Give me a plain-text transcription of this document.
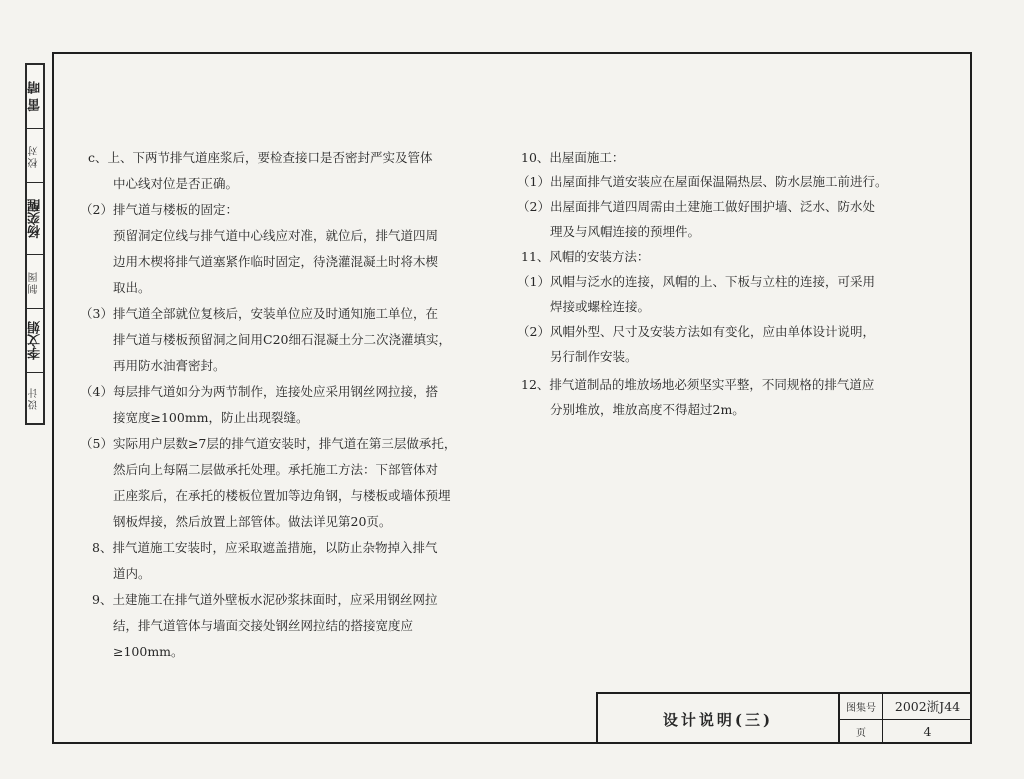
雷 晴
校对
杨奕醒
制图
李文娟
设计
c、上、下两节排气道座浆后，要检查接口是否密封严实及管体
中心线对位是否正确。
（2）排气道与楼板的固定：
预留洞定位线与排气道中心线应对准，就位后，排气道四周
边用木楔将排气道塞紧作临时固定，待浇灌混凝土时将木楔
取出。
（3）排气道全部就位复核后，安装单位应及时通知施工单位，在
排气道与楼板预留洞之间用C20细石混凝土分二次浇灌填实，
再用防水油膏密封。
（4）每层排气道如分为两节制作，连接处应采用钢丝网拉接，搭
接宽度≥100mm，防止出现裂缝。
（5）实际用户层数≥7层的排气道安装时，排气道在第三层做承托，
然后向上每隔二层做承托处理。承托施工方法：下部管体对
正座浆后，在承托的楼板位置加等边角钢，与楼板或墙体预埋
钢板焊接，然后放置上部管体。做法详见第20页。
8、排气道施工安装时，应采取遮盖措施，以防止杂物掉入排气
道内。
9、土建施工在排气道外壁板水泥砂浆抹面时，应采用钢丝网拉
结，排气道管体与墙面交接处钢丝网拉结的搭接宽度应
≥100mm。
10、出屋面施工：
（1）出屋面排气道安装应在屋面保温隔热层、防水层施工前进行。
（2）出屋面排气道四周需由土建施工做好围护墙、泛水、防水处
理及与风帽连接的预埋件。
11、风帽的安装方法：
（1）风帽与泛水的连接，风帽的上、下板与立柱的连接，可采用
焊接或螺栓连接。
（2）风帽外型、尺寸及安装方法如有变化，应由单体设计说明，
另行制作安装。
12、排气道制品的堆放场地必须坚实平整，不同规格的排气道应
分别堆放，堆放高度不得超过2m。
设计说明(三)
图集号	2002浙J44
页	4
